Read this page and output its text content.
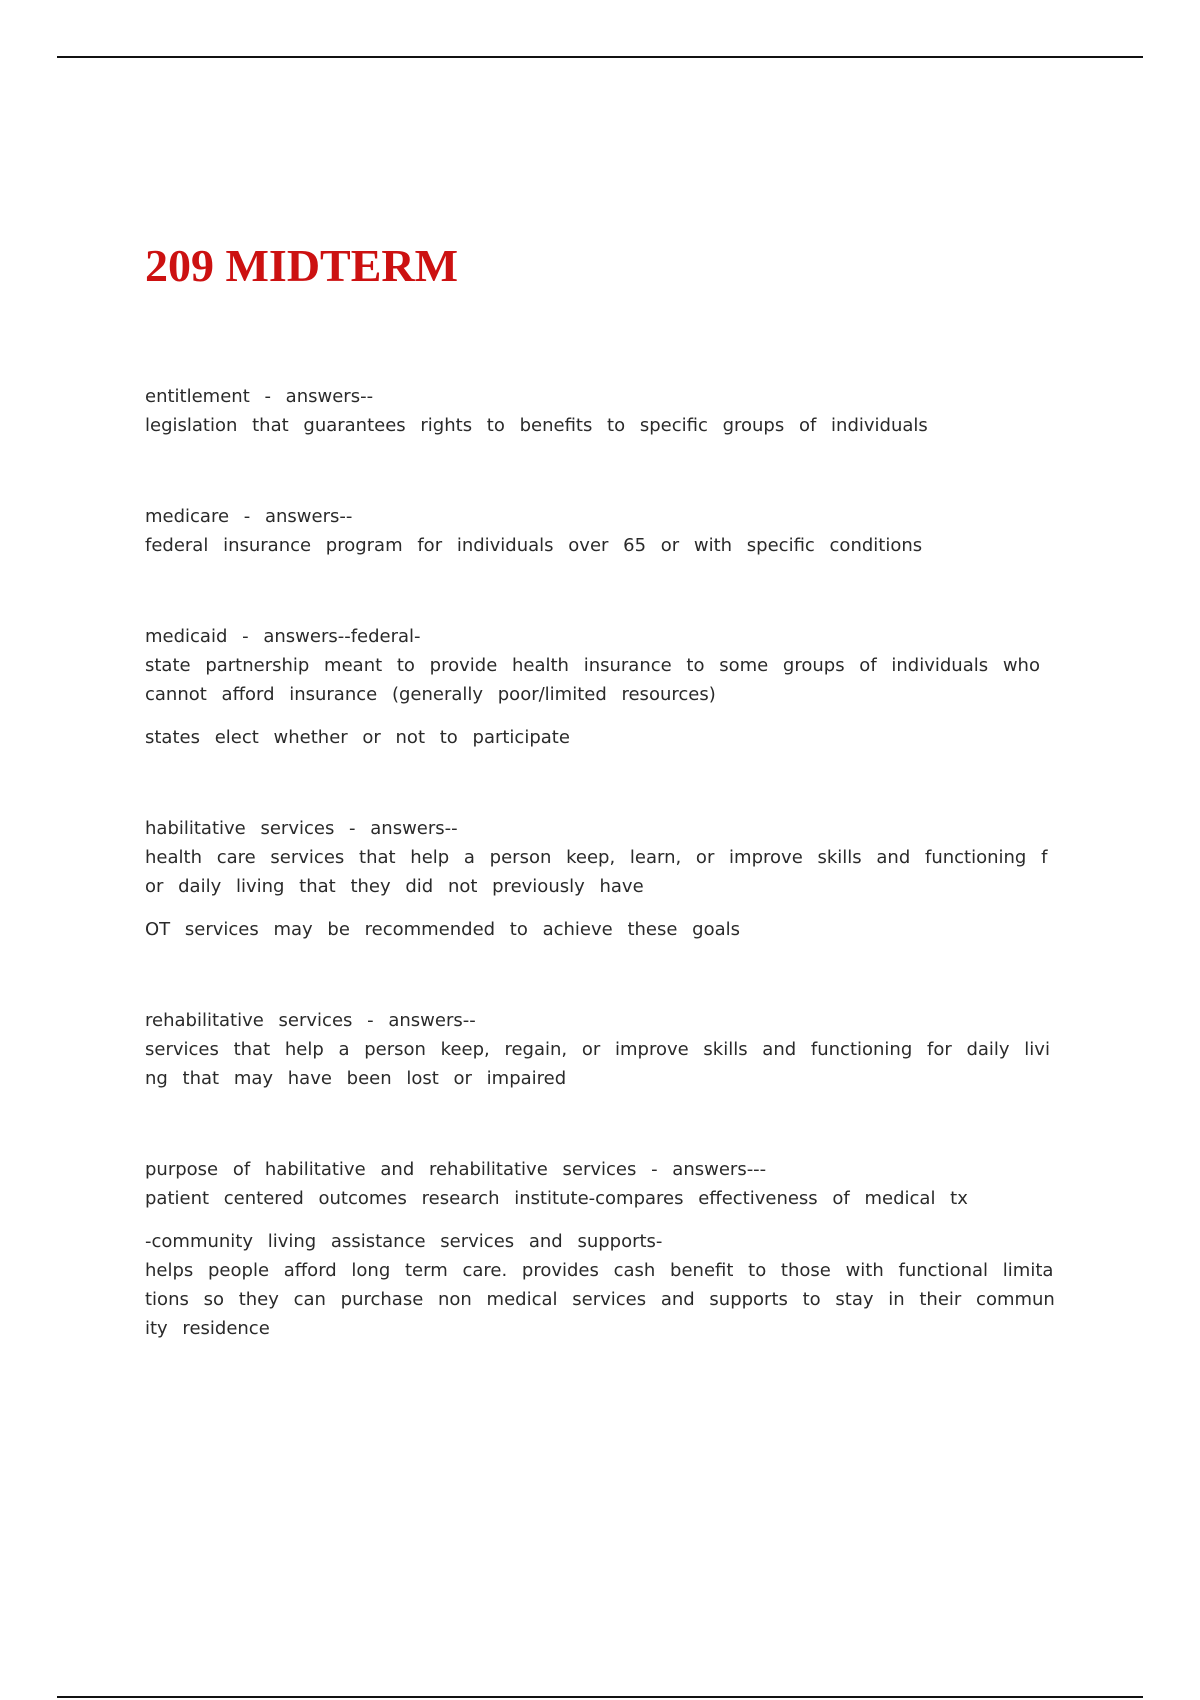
209 MIDTERM

entitlement - answers--

legislation that guarantees rights to benefits to specific groups of individuals

medicare - answers--

federal insurance program for individuals over 65 or with specific conditions

medicaid - answers--federal-

state partnership meant to provide health insurance to some groups of individuals who

cannot afford insurance (generally poor/limited resources)

states elect whether or not to participate

habilitative services - answers--

health care services that help a person keep, learn, or improve skills and functioning f

or daily living that they did not previously have

OT services may be recommended to achieve these goals

rehabilitative services - answers--

services that help a person keep, regain, or improve skills and functioning for daily livi

ng that may have been lost or impaired

purpose of habilitative and rehabilitative services - answers---

patient centered outcomes research institute-compares effectiveness of medical tx

-community living assistance services and supports-

helps people afford long term care. provides cash benefit to those with functional limita

tions so they can purchase non medical services and supports to stay in their commun

ity residence
